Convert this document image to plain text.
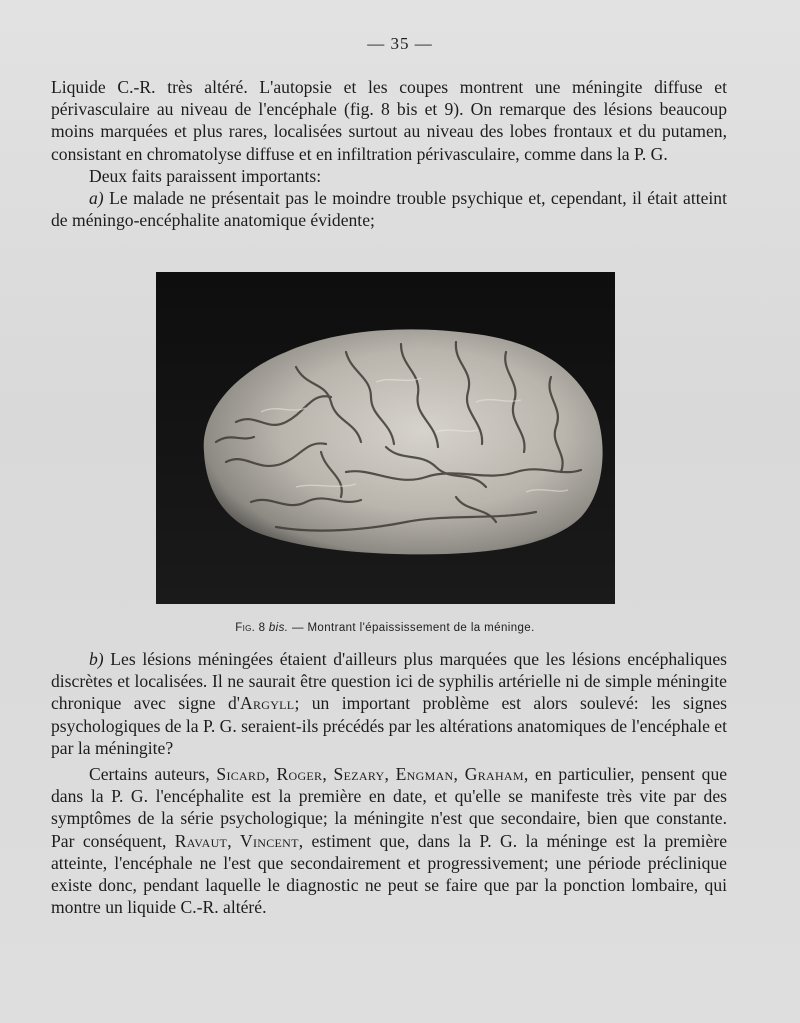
— 35 —

Liquide C.-R. très altéré. L'autopsie et les coupes montrent une méningite diffuse et périvasculaire au niveau de l'encéphale (fig. 8 bis et 9). On remarque des lésions beaucoup moins marquées et plus rares, localisées surtout au niveau des lobes frontaux et du putamen, consistant en chromatolyse diffuse et en infiltration périvasculaire, comme dans la P. G.

Deux faits paraissent importants:

a) Le malade ne présentait pas le moindre trouble psychique et, cependant, il était atteint de méningo-encéphalite anatomique évidente;

Fig. 8 bis. — Montrant l'épaississement de la méninge.

b) Les lésions méningées étaient d'ailleurs plus marquées que les lésions encéphaliques discrètes et localisées. Il ne saurait être question ici de syphilis artérielle ni de simple méningite chronique avec signe d'Argyll; un important problème est alors soulevé: les signes psychologiques de la P. G. seraient-ils précédés par les altérations anatomiques de l'encéphale et par la méningite?

Certains auteurs, Sicard, Roger, Sezary, Engman, Graham, en particulier, pensent que dans la P. G. l'encéphalite est la première en date, et qu'elle se manifeste très vite par des symptômes de la série psychologique; la méningite n'est que secondaire, bien que constante. Par conséquent, Ravaut, Vincent, estiment que, dans la P. G. la méninge est la première atteinte, l'encéphale ne l'est que secondairement et progressivement; une période préclinique existe donc, pendant laquelle le diagnostic ne peut se faire que par la ponction lombaire, qui montre un liquide C.-R. altéré.
